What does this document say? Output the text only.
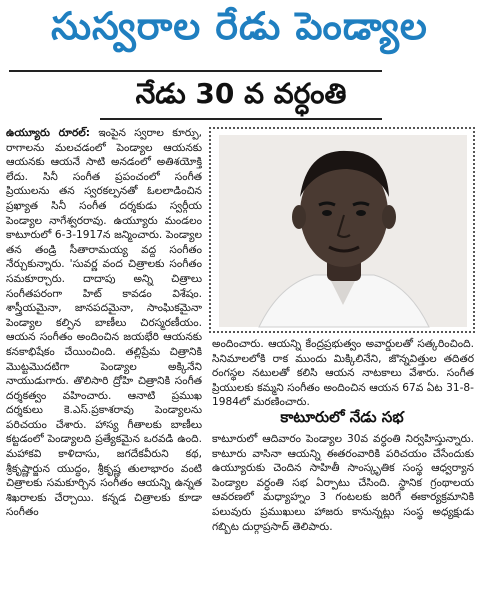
సుస్వరాల రేడు పెండ్యాల
నేడు 30 వ వర్ధంతి

ఉయ్యూరు రూరల్: ఇంపైన స్వరాల కూర్పు, రాగాలను మలచడంలో పెండ్యాల ఆయనకు ఆయనకు ఆయనే సాటి అనడంలో అతిశయోక్తి లేదు. సినీ సంగీత ప్రపంచంలో సంగీత ప్రియులను తన స్వరకల్పనతో ఓలలాడించిన ప్రఖ్యాత సినీ సంగీత దర్శకుడు స్వర్గీయ పెండ్యాల నాగేశ్వరరావు. ఉయ్యూరు మండలం కాటూరులో 6-3-1917న జన్మించారు. పెండ్యాల తన తండ్రి సీతారామయ్య వద్ద సంగీతం నేర్చుకున్నారు. 'సువర్ణ వంద చిత్రాలకు సంగీతం సమకూర్చారు. దాదాపు అన్ని చిత్రాలు సంగీతపరంగా హిట్ కావడం విశేషం. శాస్త్రీయమైనా, జానపదమైనా, సాంఘికమైనా పెండ్యాల కల్పిన బాణీలు చిరస్మరణీయం. ఆయన సంగీతం అందించిన జయభేరి ఆయనకు కనకాభిషేకం చేయించింది. తల్లిప్రేమ చిత్రానికి మొట్టమొదటిగా పెండ్యాల అక్కినేని నాయుడుగారు. తొలిసారి ద్రోహి చిత్రానికి సంగీత దర్శకత్వం వహించారు. ఆనాటి ప్రముఖ దర్శకులు కె.ఎస్.ప్రకాశరావు పెండ్యాలను పరిచయం చేశారు. హాస్య గీతాలకు బాణీలు కట్టడంలో పెండ్యాలది ప్రత్యేకమైన ఒరవడి ఉంది. మహాకవి కాళిదాసు, జగదేకవీరుని కథ, శ్రీకృష్ణార్జున యుద్ధం, శ్రీకృష్ణ తులాభారం వంటి చిత్రాలకు సమకూర్చిన సంగీతం ఆయన్ని ఉన్నత శిఖరాలకు చేర్చాయి. కన్నడ చిత్రాలకు కూడా సంగీతం

అందించారు. ఆయన్ని కేంద్రప్రభుత్వం అవార్డులతో సత్కరించింది. సినిమాలలోకి రాక ముందు మిక్కిలినేని, జొన్నవిత్తుల తదితర రంగస్థల నటులతో కలిసి ఆయన నాటకాలు వేశారు. సంగీత ప్రియులకు కమ్మని సంగీతం అందించిన ఆయన 67వ ఏట 31-8-1984లో మరణించారు.

కాటూరులో నేడు సభ

కాటూరులో ఆదివారం పెండ్యాల 30వ వర్ధంతి నిర్వహిస్తున్నారు. కాటూరు వాసినా ఆయన్ని ఈతరంవారికి పరిచయం చేసేందుకు ఉయ్యూరుకు చెందిన సాహితీ సాంస్కృతిక సంస్థ ఆధ్వర్యాన పెండ్యాల వర్ధంతి సభ ఏర్పాటు చేసింది. స్థానిక గ్రంథాలయ ఆవరణలో మధ్యాహ్నం 3 గంటలకు జరిగే ఈకార్యక్రమానికి పలువురు ప్రముఖులు హాజరు కానున్నట్లు సంస్థ అధ్యక్షుడు గబ్బిట దుర్గాప్రసాద్ తెలిపారు.
